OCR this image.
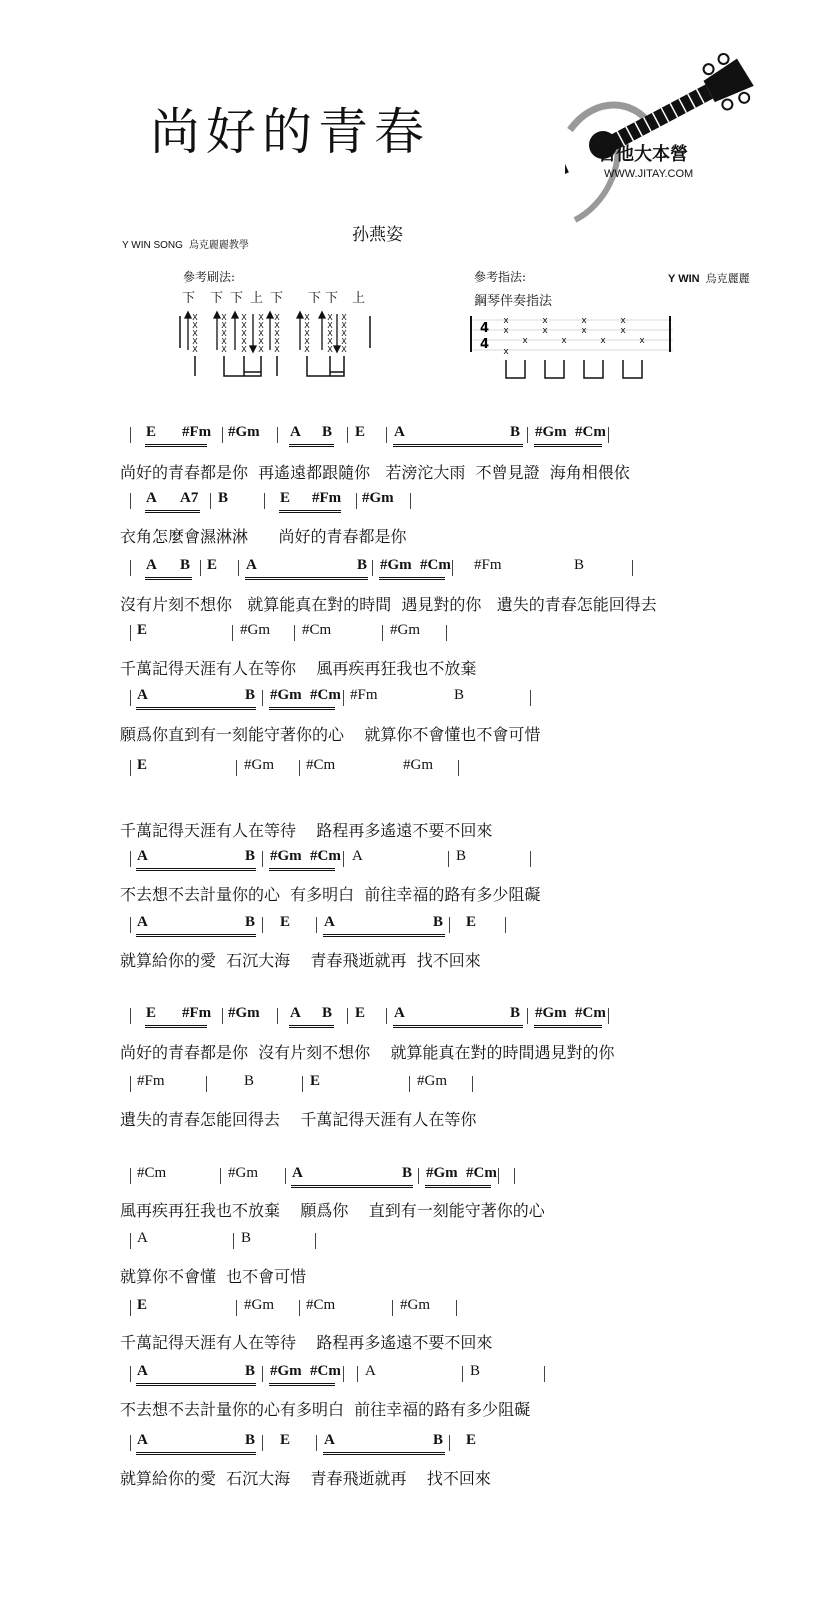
尚好的青春
Y WIN SONG 烏克麗麗教學
孙燕姿
Y WIN 烏克麗麗
吉他大本營
WWW.JITAY.COM
參考刷法:
下 下 下 上 下 下 下 上
X
X
X
X
X
X
X
X
X
X
X
X
X
X
X
X
X
X
X
X
X
X
X
X
X
X
X
X
X
X
X
X
X
X
X
X
X
X
X
X
參考指法:
鋼琴伴奏指法
4
4
x
x
x
x
x
x
x
x
x
x
x
x
x
E #Fm #Gm A B E A	B #Gm #Cm
尚好的青春都是你  再遙遠都跟隨你   若滂沱大雨  不曾見證  海角相偎依
A A7 B	E #Fm #Gm
衣角怎麼會濕淋淋      尚好的青春都是你
A B E A	B #Gm #Cm #Fm	B
沒有片刻不想你   就算能真在對的時間  遇見對的你   遺失的青春怎能回得去
E	#Gm #Cm	#Gm
千萬記得天涯有人在等你    風再疾再狂我也不放棄
A	B #Gm #Cm #Fm	B
願爲你直到有一刻能守著你的心    就算你不會懂也不會可惜
E	#Gm #Cm	#Gm
千萬記得天涯有人在等待    路程再多遙遠不要不回來
A	B #Gm #Cm A	B
不去想不去計量你的心  有多明白  前往幸福的路有多少阻礙
A	B E A	B E
就算給你的愛  石沉大海    青春飛逝就再  找不回來
E #Fm #Gm A B E A	B #Gm #Cm
尚好的青春都是你  沒有片刻不想你    就算能真在對的時間遇見對的你
#Fm	B	E	#Gm
遺失的青春怎能回得去    千萬記得天涯有人在等你
#Cm	#Gm A	B #Gm #Cm
風再疾再狂我也不放棄    願爲你    直到有一刻能守著你的心
A	B
就算你不會懂  也不會可惜
E	#Gm #Cm	#Gm
千萬記得天涯有人在等待    路程再多遙遠不要不回來
A	B #Gm #Cm A	B
不去想不去計量你的心有多明白  前往幸福的路有多少阻礙
A	B E A	B E
就算給你的愛  石沉大海    青春飛逝就再    找不回來
